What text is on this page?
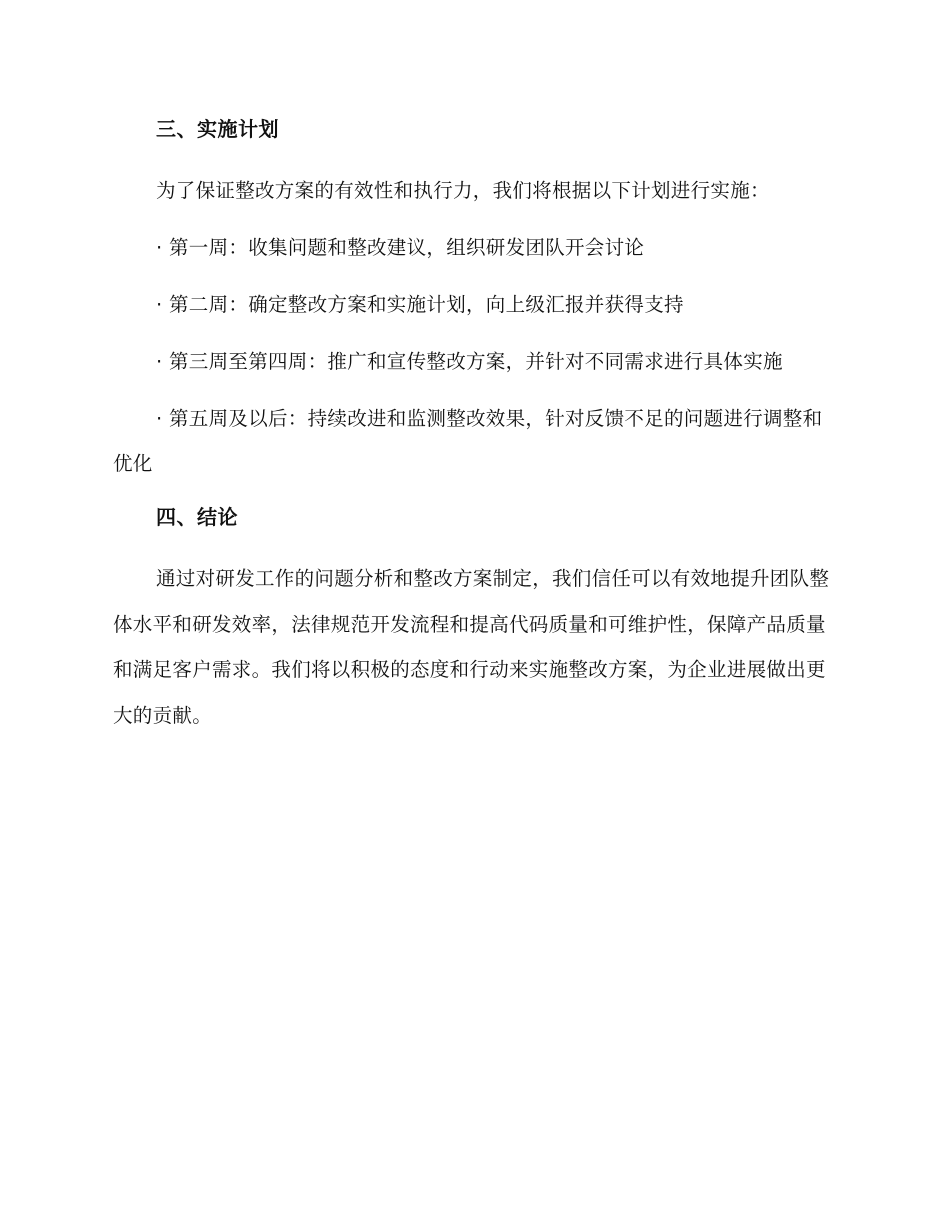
三、实施计划

为了保证整改方案的有效性和执行力，我们将根据以下计划进行实施：

· 第一周：收集问题和整改建议，组织研发团队开会讨论

· 第二周：确定整改方案和实施计划，向上级汇报并获得支持

· 第三周至第四周：推广和宣传整改方案，并针对不同需求进行具体实施

· 第五周及以后：持续改进和监测整改效果，针对反馈不足的问题进行调整和优化

四、结论

通过对研发工作的问题分析和整改方案制定，我们信任可以有效地提升团队整体水平和研发效率，法律规范开发流程和提高代码质量和可维护性，保障产品质量和满足客户需求。我们将以积极的态度和行动来实施整改方案，为企业进展做出更大的贡献。
